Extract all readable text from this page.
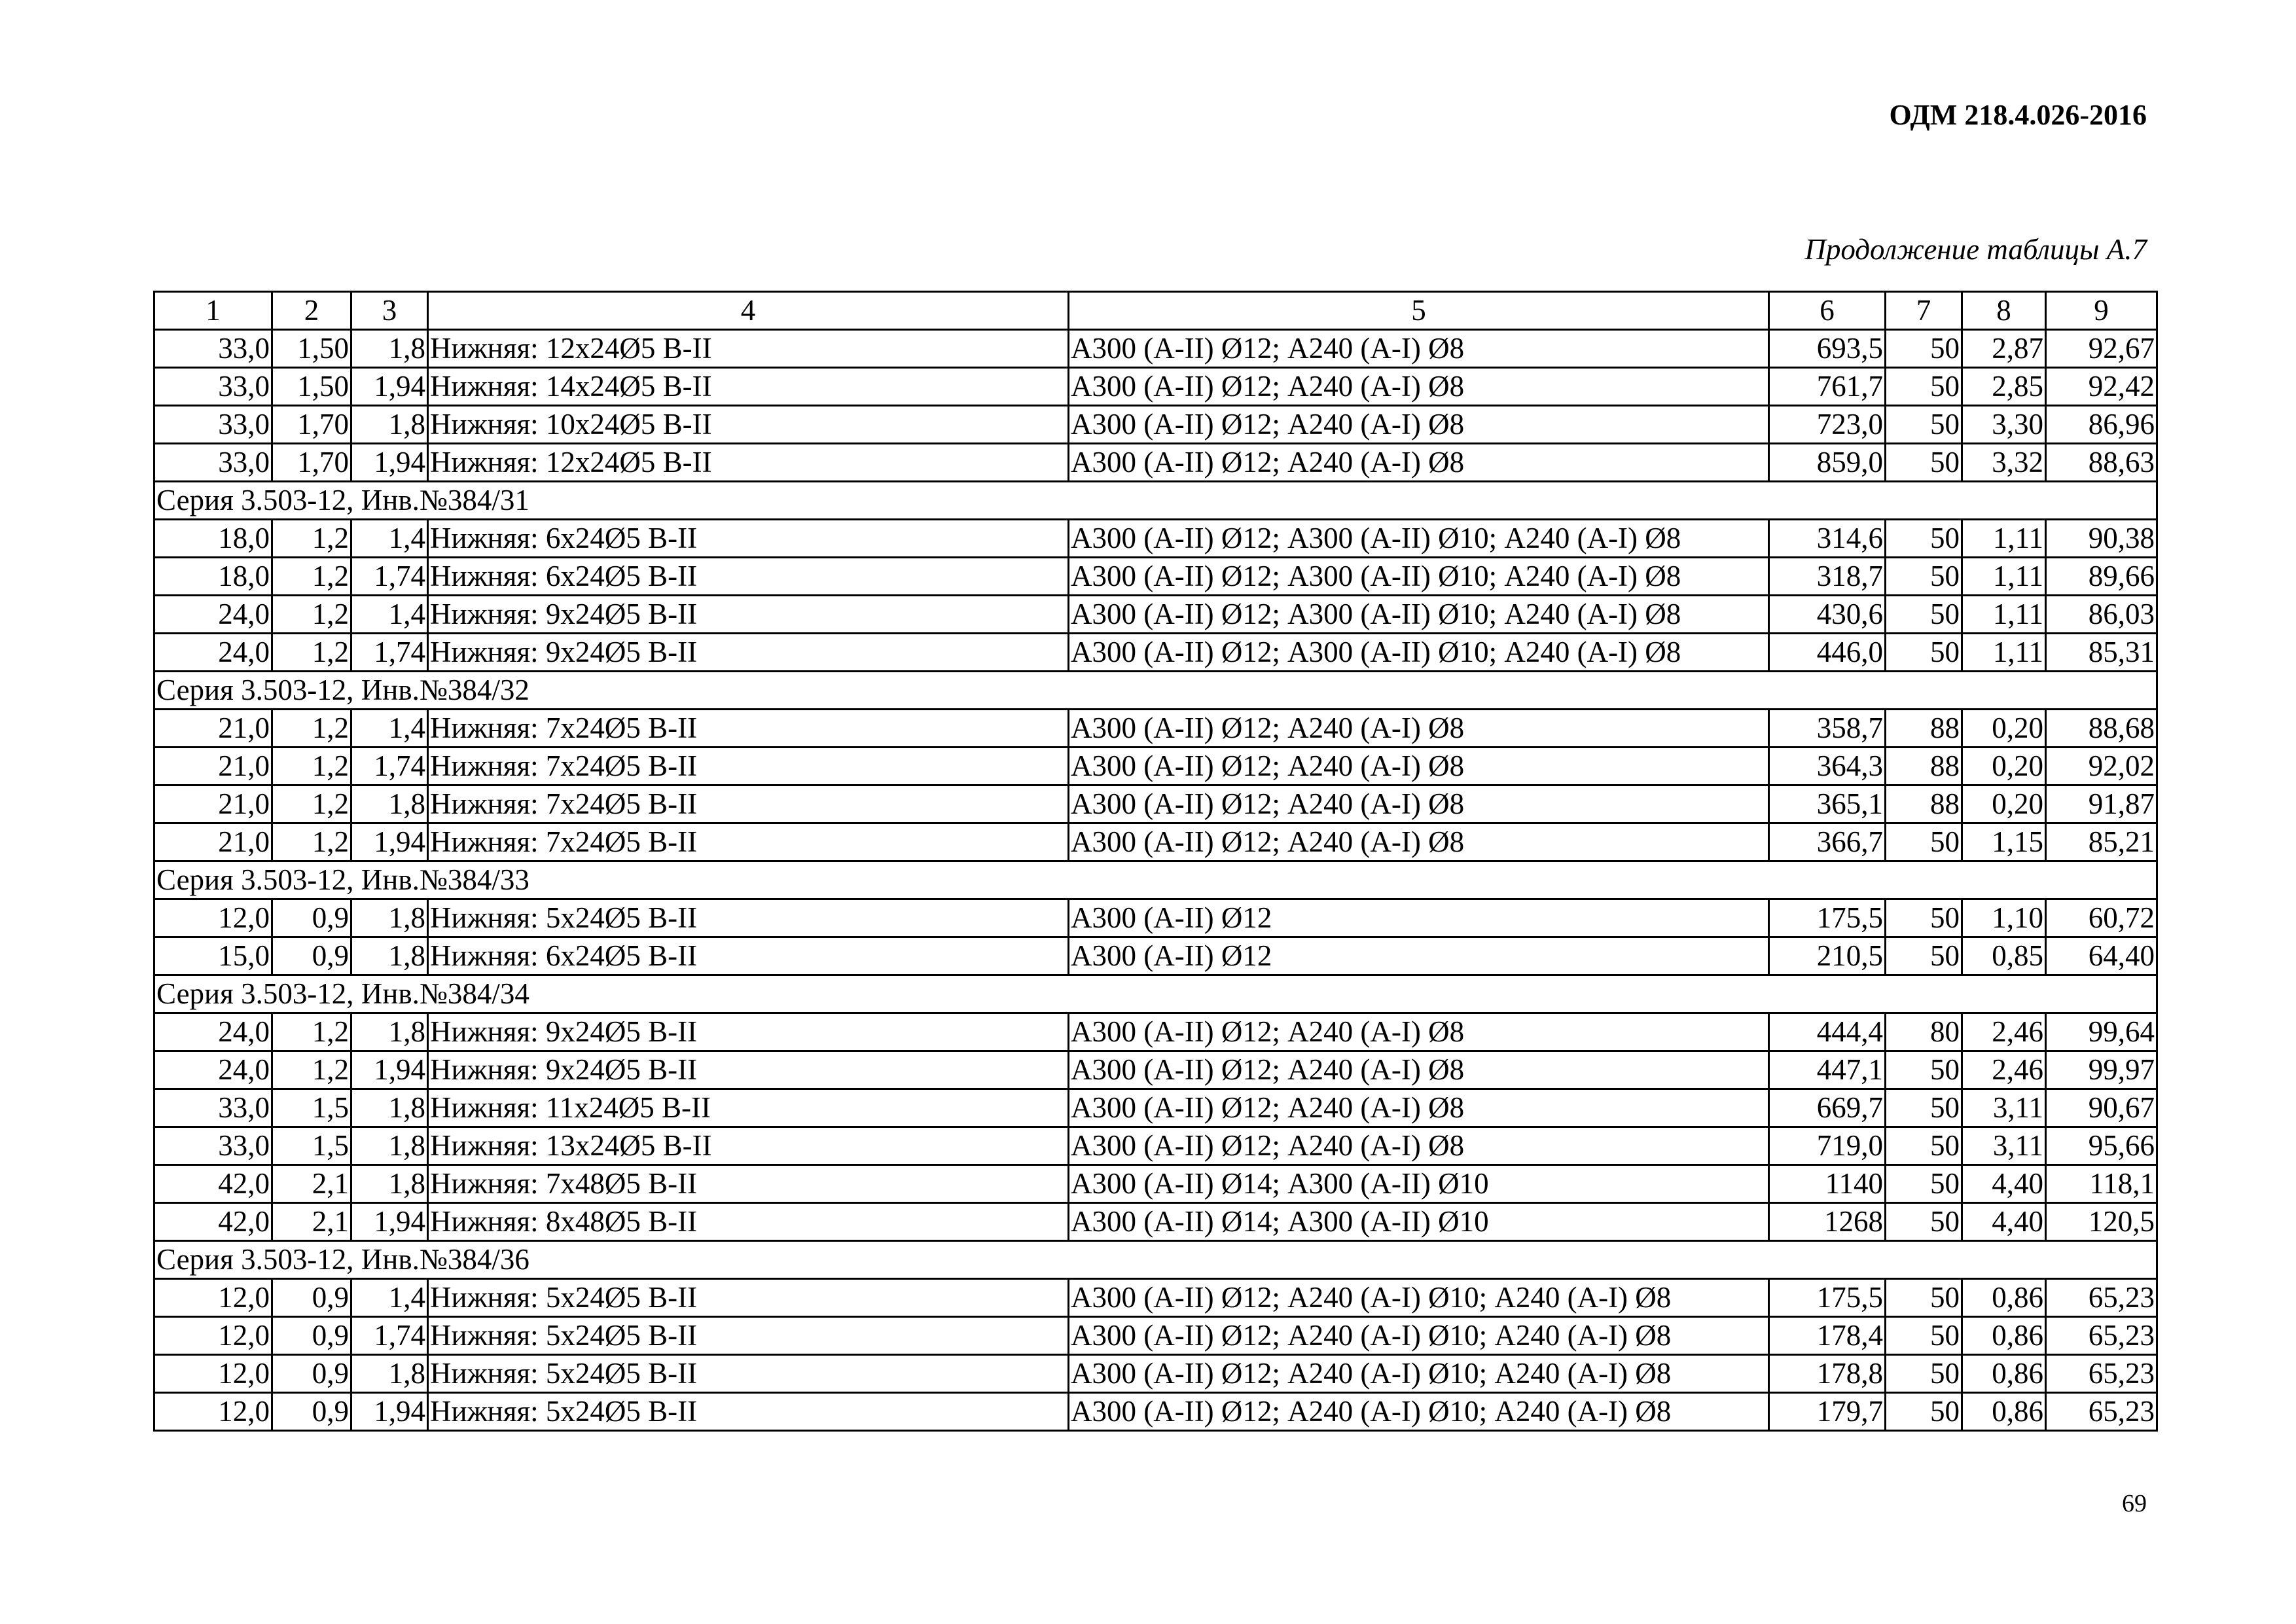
ОДМ 218.4.026-2016
Продолжение таблицы А.7
1	2	3	4	5	6	7	8	9
33,0	1,50	1,8	Нижняя: 12х24Ø5 В-II	А300 (А-II) Ø12; А240 (А-I) Ø8	693,5	50	2,87	92,67
33,0	1,50	1,94	Нижняя: 14х24Ø5 В-II	А300 (А-II) Ø12; А240 (А-I) Ø8	761,7	50	2,85	92,42
33,0	1,70	1,8	Нижняя: 10х24Ø5 В-II	А300 (А-II) Ø12; А240 (А-I) Ø8	723,0	50	3,30	86,96
33,0	1,70	1,94	Нижняя: 12х24Ø5 В-II	А300 (А-II) Ø12; А240 (А-I) Ø8	859,0	50	3,32	88,63
Серия 3.503-12, Инв.№384/31								
18,0	1,2	1,4	Нижняя: 6х24Ø5 В-II	А300 (А-II) Ø12; А300 (А-II) Ø10; А240 (А-I) Ø8	314,6	50	1,11	90,38
18,0	1,2	1,74	Нижняя: 6х24Ø5 В-II	А300 (А-II) Ø12; А300 (А-II) Ø10; А240 (А-I) Ø8	318,7	50	1,11	89,66
24,0	1,2	1,4	Нижняя: 9х24Ø5 В-II	А300 (А-II) Ø12; А300 (А-II) Ø10; А240 (А-I) Ø8	430,6	50	1,11	86,03
24,0	1,2	1,74	Нижняя: 9х24Ø5 В-II	А300 (А-II) Ø12; А300 (А-II) Ø10; А240 (А-I) Ø8	446,0	50	1,11	85,31
Серия 3.503-12, Инв.№384/32								
21,0	1,2	1,4	Нижняя: 7х24Ø5 В-II	А300 (А-II) Ø12; А240 (А-I) Ø8	358,7	88	0,20	88,68
21,0	1,2	1,74	Нижняя: 7х24Ø5 В-II	А300 (А-II) Ø12; А240 (А-I) Ø8	364,3	88	0,20	92,02
21,0	1,2	1,8	Нижняя: 7х24Ø5 В-II	А300 (А-II) Ø12; А240 (А-I) Ø8	365,1	88	0,20	91,87
21,0	1,2	1,94	Нижняя: 7х24Ø5 В-II	А300 (А-II) Ø12; А240 (А-I) Ø8	366,7	50	1,15	85,21
Серия 3.503-12, Инв.№384/33								
12,0	0,9	1,8	Нижняя: 5х24Ø5 В-II	А300 (А-II) Ø12	175,5	50	1,10	60,72
15,0	0,9	1,8	Нижняя: 6х24Ø5 В-II	А300 (А-II) Ø12	210,5	50	0,85	64,40
Серия 3.503-12, Инв.№384/34								
24,0	1,2	1,8	Нижняя: 9х24Ø5 В-II	А300 (А-II) Ø12; А240 (А-I) Ø8	444,4	80	2,46	99,64
24,0	1,2	1,94	Нижняя: 9х24Ø5 В-II	А300 (А-II) Ø12; А240 (А-I) Ø8	447,1	50	2,46	99,97
33,0	1,5	1,8	Нижняя: 11х24Ø5 В-II	А300 (А-II) Ø12; А240 (А-I) Ø8	669,7	50	3,11	90,67
33,0	1,5	1,8	Нижняя: 13х24Ø5 В-II	А300 (А-II) Ø12; А240 (А-I) Ø8	719,0	50	3,11	95,66
42,0	2,1	1,8	Нижняя: 7х48Ø5 В-II	А300 (А-II) Ø14; А300 (А-II) Ø10	1140	50	4,40	118,1
42,0	2,1	1,94	Нижняя: 8х48Ø5 В-II	А300 (А-II) Ø14; А300 (А-II) Ø10	1268	50	4,40	120,5
Серия 3.503-12, Инв.№384/36								
12,0	0,9	1,4	Нижняя: 5х24Ø5 В-II	А300 (А-II) Ø12; А240 (А-I) Ø10; А240 (А-I) Ø8	175,5	50	0,86	65,23
12,0	0,9	1,74	Нижняя: 5х24Ø5 В-II	А300 (А-II) Ø12; А240 (А-I) Ø10; А240 (А-I) Ø8	178,4	50	0,86	65,23
12,0	0,9	1,8	Нижняя: 5х24Ø5 В-II	А300 (А-II) Ø12; А240 (А-I) Ø10; А240 (А-I) Ø8	178,8	50	0,86	65,23
12,0	0,9	1,94	Нижняя: 5х24Ø5 В-II	А300 (А-II) Ø12; А240 (А-I) Ø10; А240 (А-I) Ø8	179,7	50	0,86	65,23
69
